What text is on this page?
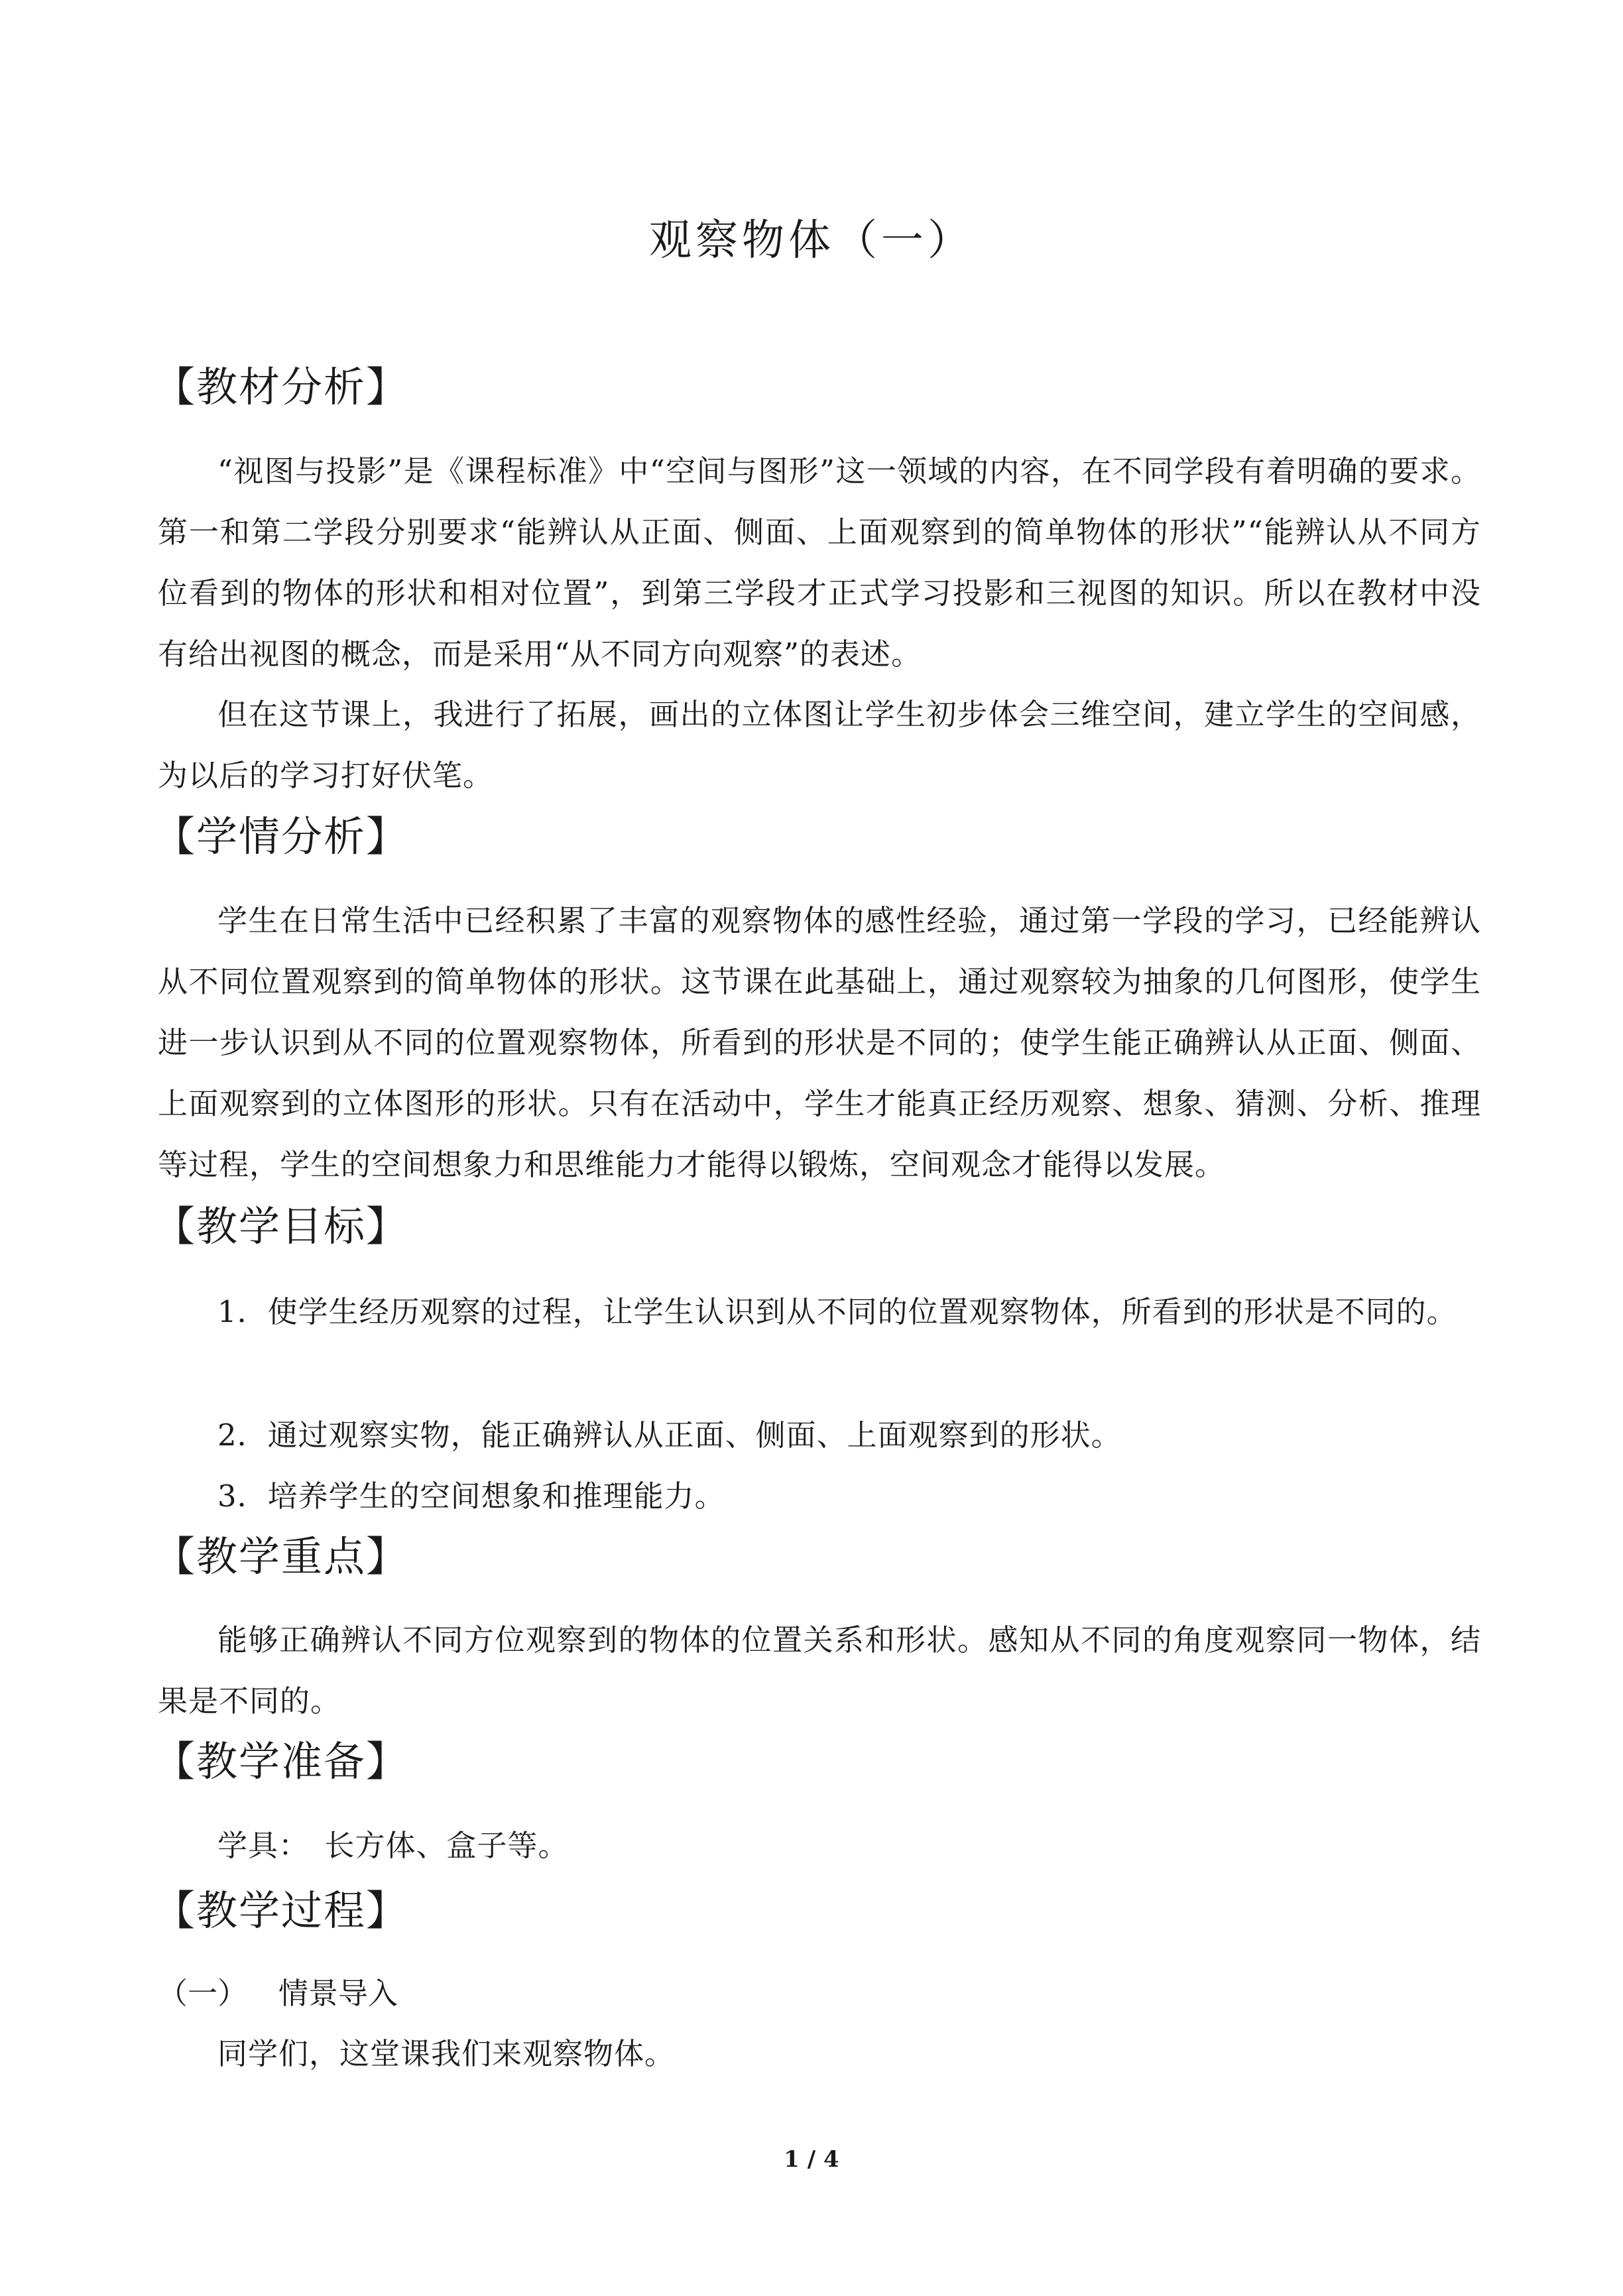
观察物体（一）
【教材分析】
“视图与投影”是《课程标准》中“空间与图形”这一领域的内容，在不同学段有着明确的要求。第一和第二学段分别要求“能辨认从正面、侧面、上面观察到的简单物体的形状”“能辨认从不同方位看到的物体的形状和相对位置”，到第三学段才正式学习投影和三视图的知识。所以在教材中没有给出视图的概念，而是采用“从不同方向观察”的表述。
但在这节课上，我进行了拓展，画出的立体图让学生初步体会三维空间，建立学生的空间感，为以后的学习打好伏笔。
【学情分析】
学生在日常生活中已经积累了丰富的观察物体的感性经验，通过第一学段的学习，已经能辨认从不同位置观察到的简单物体的形状。这节课在此基础上，通过观察较为抽象的几何图形，使学生进一步认识到从不同的位置观察物体，所看到的形状是不同的；使学生能正确辨认从正面、侧面、上面观察到的立体图形的形状。只有在活动中，学生才能真正经历观察、想象、猜测、分析、推理等过程，学生的空间想象力和思维能力才能得以锻炼，空间观念才能得以发展。
【教学目标】
1．使学生经历观察的过程，让学生认识到从不同的位置观察物体，所看到的形状是不同的。
2．通过观察实物，能正确辨认从正面、侧面、上面观察到的形状。
3．培养学生的空间想象和推理能力。
【教学重点】
能够正确辨认不同方位观察到的物体的位置关系和形状。感知从不同的角度观察同一物体，结果是不同的。
【教学准备】
学具：　长方体、盒子等。
【教学过程】
（一） 情景导入
同学们，这堂课我们来观察物体。
1 / 4
